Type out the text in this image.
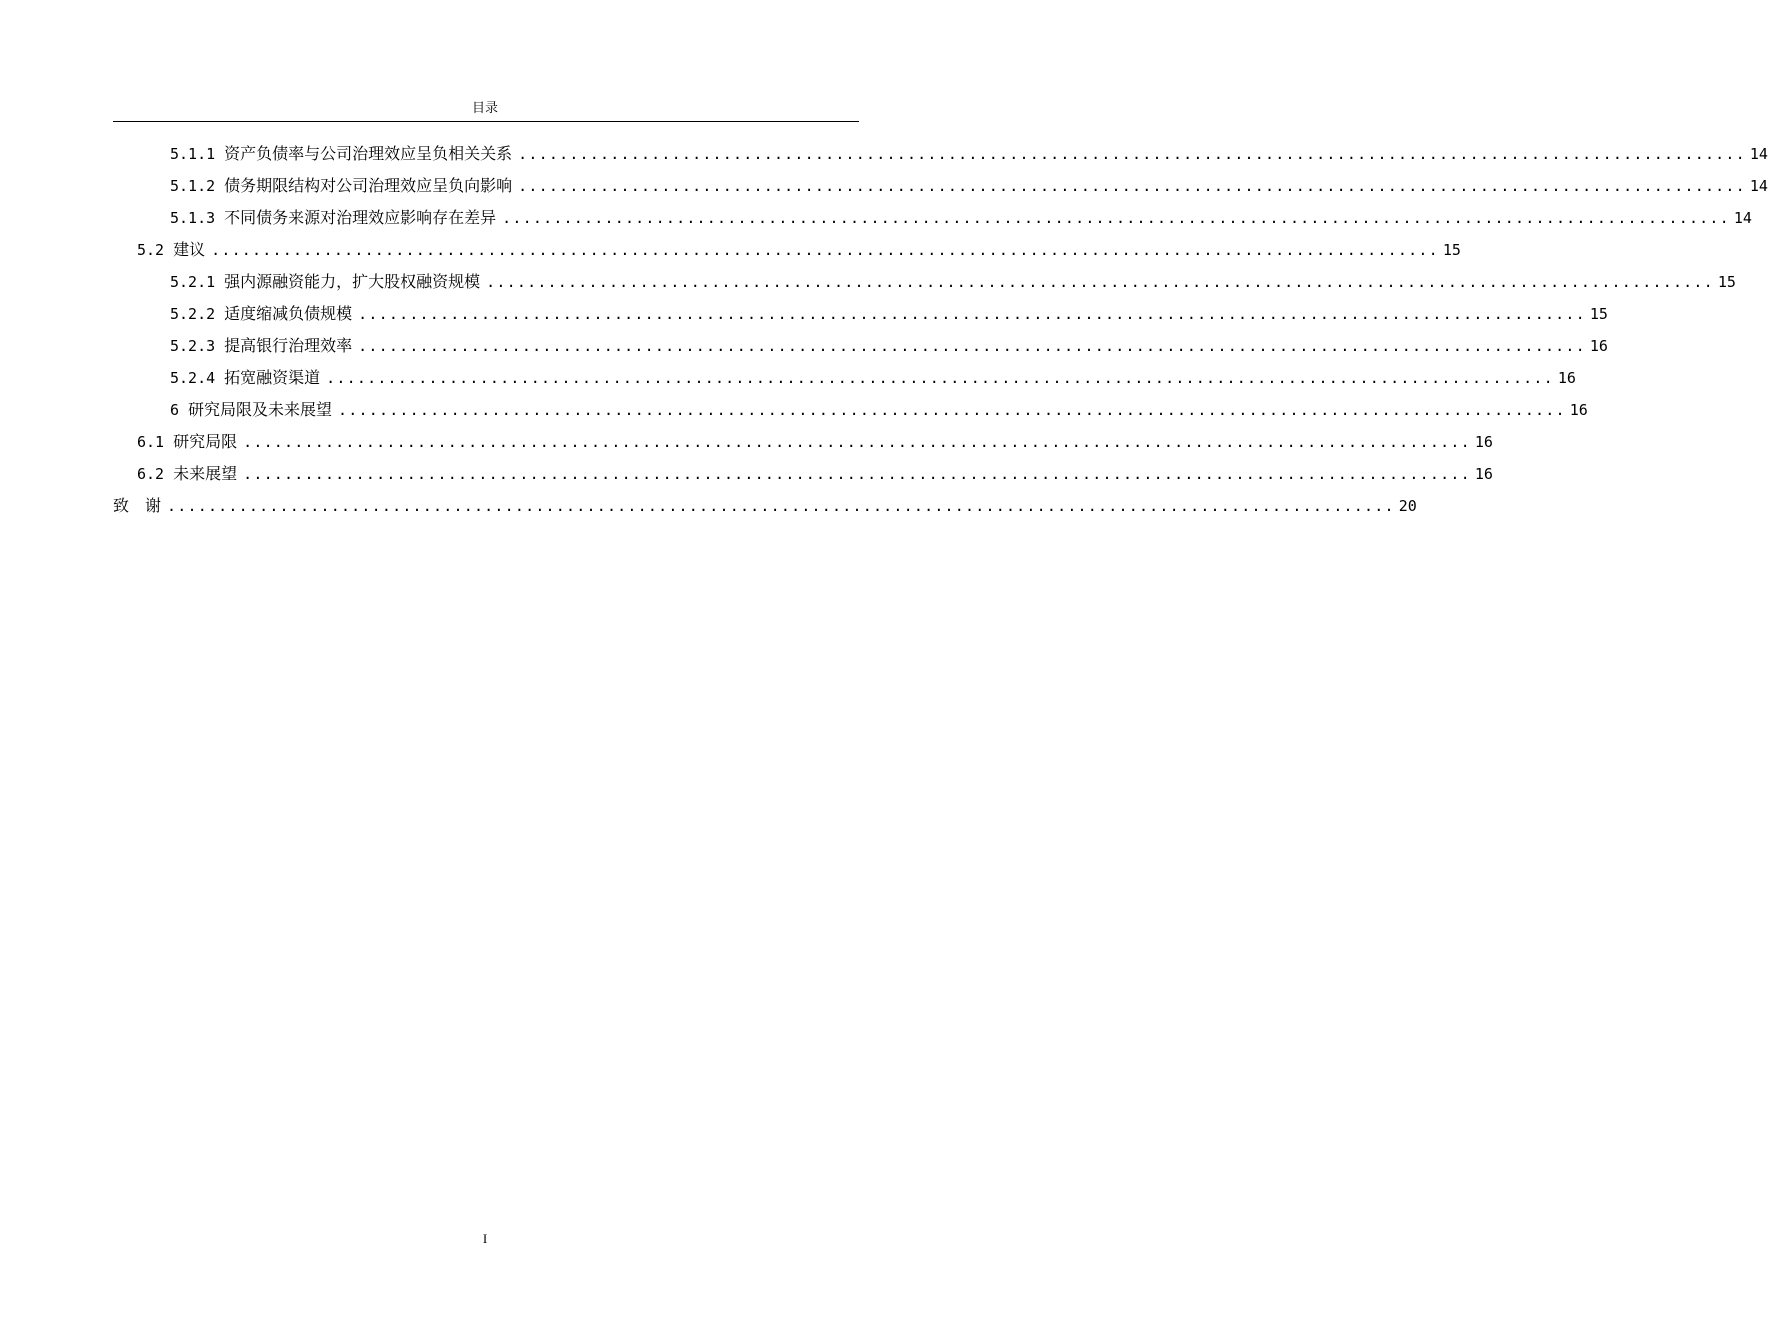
目录
5.1.1 资产负债率与公司治理效应呈负相关关系 ........................................................................................................................ 14
5.1.2 债务期限结构对公司治理效应呈负向影响 ........................................................................................................................ 14
5.1.3 不同债务来源对治理效应影响存在差异 ........................................................................................................................ 14
5.2 建议 ........................................................................................................................ 15
5.2.1 强内源融资能力，扩大股权融资规模 ........................................................................................................................ 15
5.2.2 适度缩减负债规模 ........................................................................................................................ 15
5.2.3 提高银行治理效率 ........................................................................................................................ 16
5.2.4 拓宽融资渠道 ........................................................................................................................ 16
6 研究局限及未来展望 ........................................................................................................................ 16
6.1 研究局限 ........................................................................................................................ 16
6.2 未来展望 ........................................................................................................................ 16
致　谢 ........................................................................................................................ 20
I
